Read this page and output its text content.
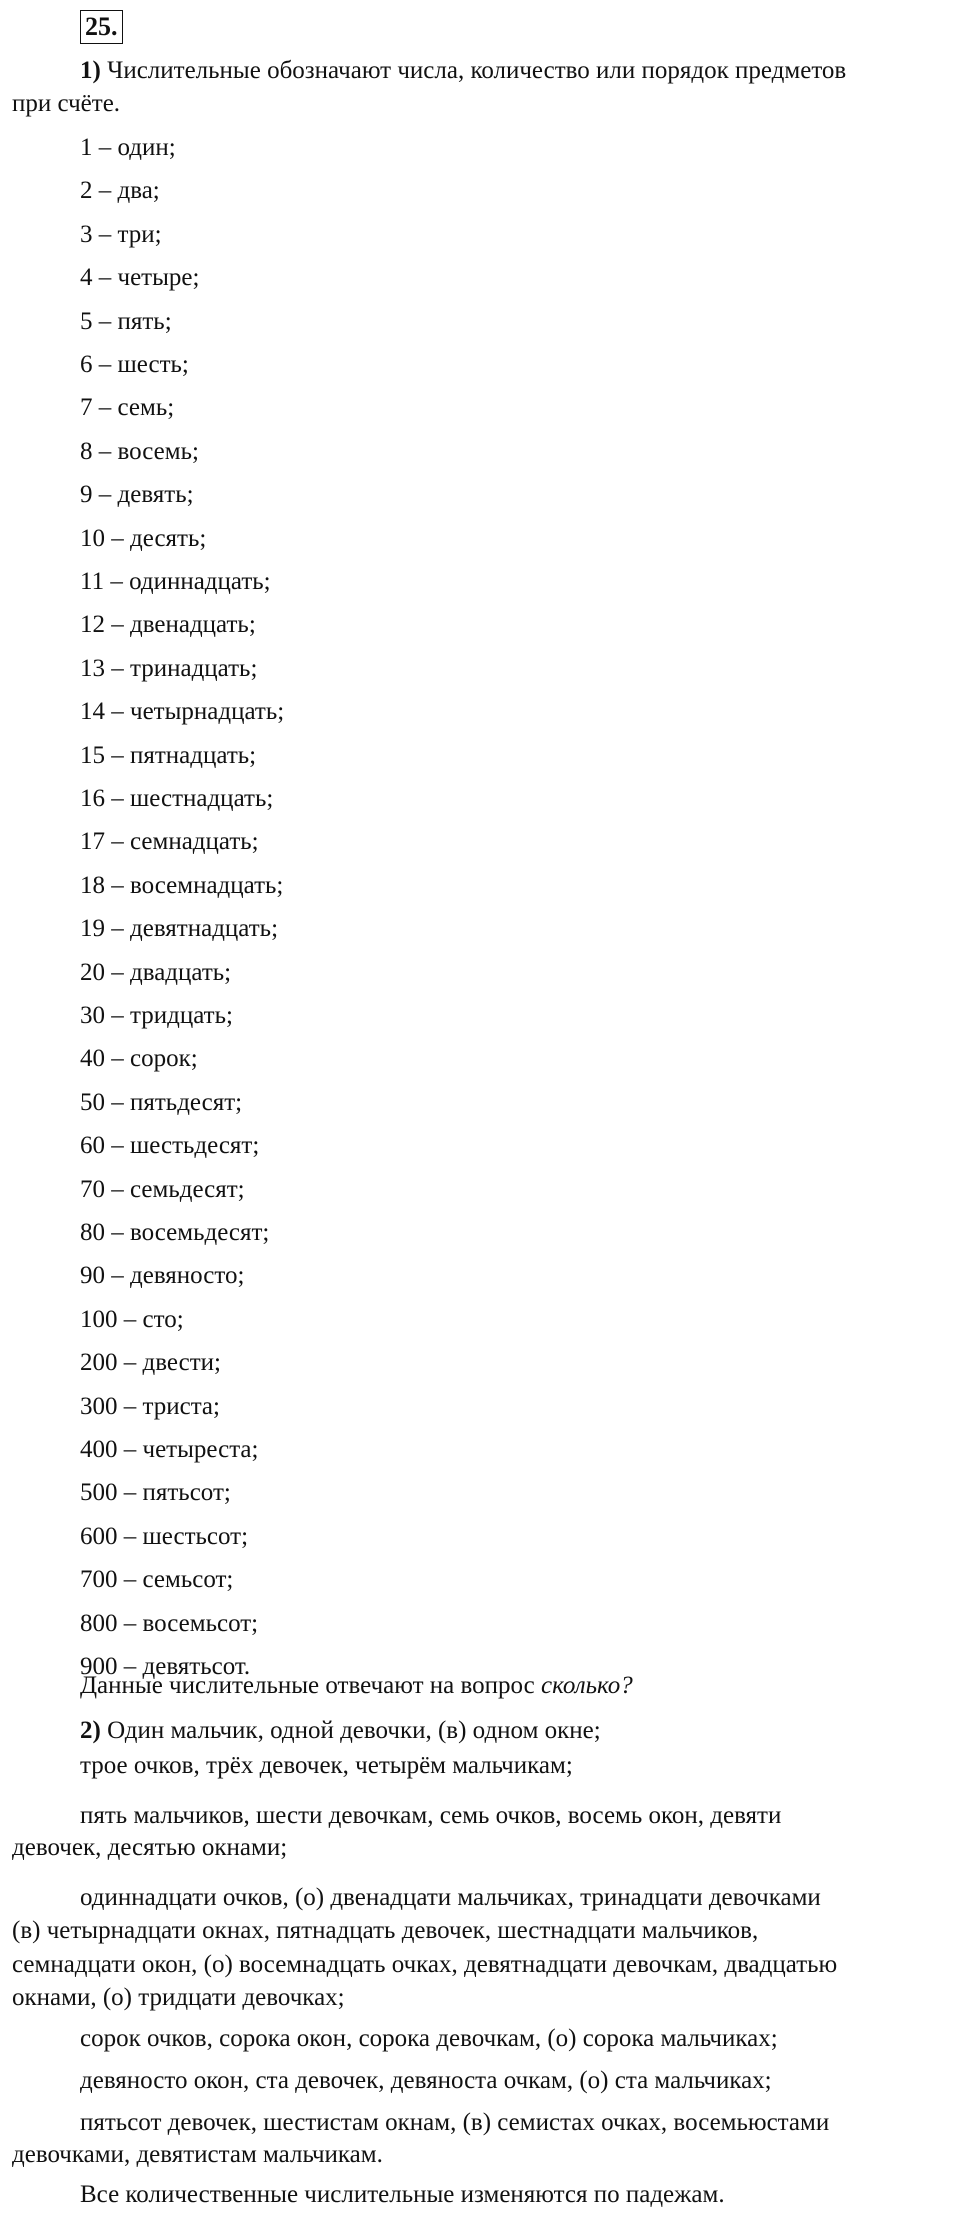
25.
1) Числительные обозначают числа, количество или порядок предметов
при счёте.
1 – один;
2 – два;
3 – три;
4 – четыре;
5 – пять;
6 – шесть;
7 – семь;
8 – восемь;
9 – девять;
10 – десять;
11 – одиннадцать;
12 – двенадцать;
13 – тринадцать;
14 – четырнадцать;
15 – пятнадцать;
16 – шестнадцать;
17 – семнадцать;
18 – восемнадцать;
19 – девятнадцать;
20 – двадцать;
30 – тридцать;
40 – сорок;
50 – пятьдесят;
60 – шестьдесят;
70 – семьдесят;
80 – восемьдесят;
90 – девяносто;
100 – сто;
200 – двести;
300 – триста;
400 – четыреста;
500 – пятьсот;
600 – шестьсот;
700 – семьсот;
800 – восемьсот;
900 – девятьсот.
Данные числительные отвечают на вопрос сколько?
2) Один мальчик, одной девочки, (в) одном окне;
трое очков, трёх девочек, четырём мальчикам;
пять мальчиков, шести девочкам, семь очков, восемь окон, девяти
девочек, десятью окнами;
одиннадцати очков, (о) двенадцати мальчиках, тринадцати девочками
(в) четырнадцати окнах, пятнадцать девочек, шестнадцати мальчиков,
семнадцати окон, (о) восемнадцать очках, девятнадцати девочкам, двадцатью
окнами, (о) тридцати девочках;
сорок очков, сорока окон, сорока девочкам, (о) сорока мальчиках;
девяносто окон, ста девочек, девяноста очкам, (о) ста мальчиках;
пятьсот девочек, шестистам окнам, (в) семистах очках, восемьюстами
девочками, девятистам мальчикам.
Все количественные числительные изменяются по падежам.
